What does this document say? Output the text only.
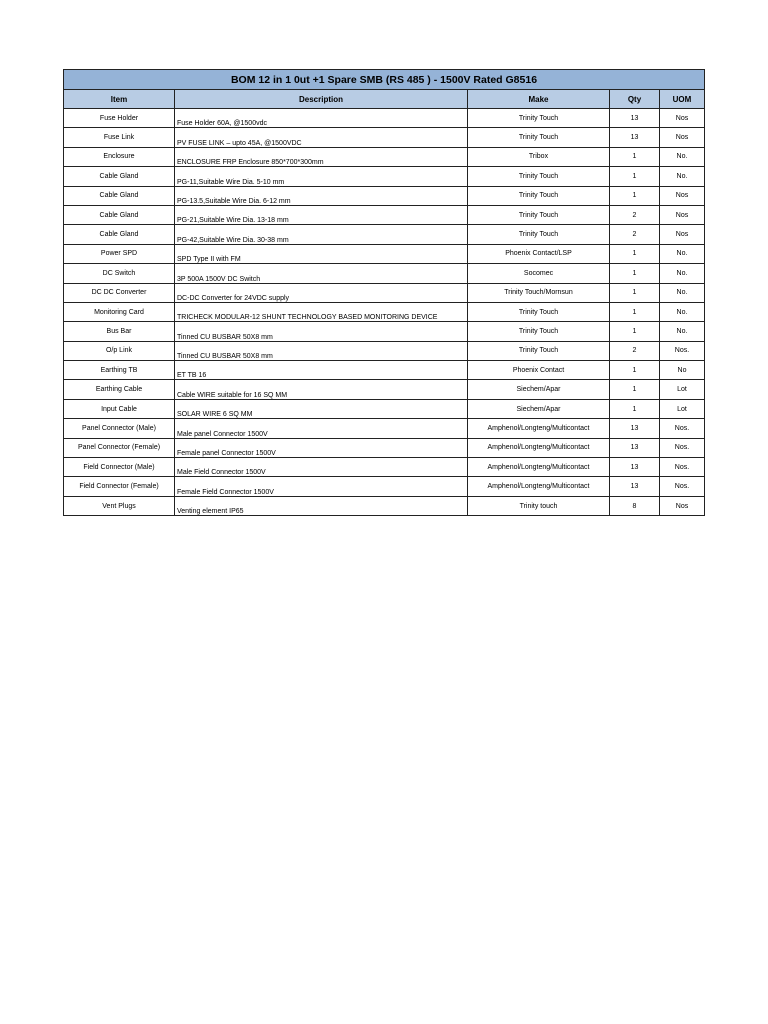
BOM 12 in 1 0ut +1 Spare SMB (RS 485 ) - 1500V Rated G8516				
Item	Description	Make	Qty	UOM
Fuse Holder	Fuse Holder 60A, @1500vdc	Trinity Touch	13	Nos
Fuse Link	PV FUSE LINK – upto 45A, @1500VDC	Trinity Touch	13	Nos
Enclosure	ENCLOSURE FRP Enclosure 850*700*300mm	Tribox	1	No.
Cable Gland	PG-11,Suitable Wire Dia. 5-10 mm	Trinity Touch	1	No.
Cable Gland	PG-13.5,Suitable Wire Dia. 6-12 mm	Trinity Touch	1	Nos
Cable Gland	PG-21,Suitable Wire Dia. 13-18 mm	Trinity Touch	2	Nos
Cable Gland	PG-42,Suitable Wire Dia. 30-38 mm	Trinity Touch	2	Nos
Power SPD	SPD Type II with FM	Phoenix Contact/LSP	1	No.
DC Switch	3P 500A 1500V DC Switch	Socomec	1	No.
DC DC Converter	DC-DC Converter for 24VDC supply	Trinity Touch/Mornsun	1	No.
Monitoring Card	TRICHECK MODULAR-12 SHUNT TECHNOLOGY BASED MONITORING DEVICE	Trinity Touch	1	No.
Bus Bar	Tinned CU BUSBAR 50X8 mm	Trinity Touch	1	No.
O/p Link	Tinned CU BUSBAR 50X8 mm	Trinity Touch	2	Nos.
Earthing TB	ET TB 16	Phoenix Contact	1	No
Earthing Cable	Cable WIRE suitable for 16 SQ MM	Siechem/Apar	1	Lot
Input Cable	SOLAR WIRE 6 SQ MM	Siechem/Apar	1	Lot
Panel Connector (Male)	Male panel Connector 1500V	Amphenol/Longteng/Multicontact	13	Nos.
Panel Connector (Female)	Female panel Connector 1500V	Amphenol/Longteng/Multicontact	13	Nos.
Field Connector (Male)	Male Field Connector 1500V	Amphenol/Longteng/Multicontact	13	Nos.
Field Connector (Female)	Female Field Connector 1500V	Amphenol/Longteng/Multicontact	13	Nos.
Vent Plugs	Venting element IP65	Trinity touch	8	Nos
